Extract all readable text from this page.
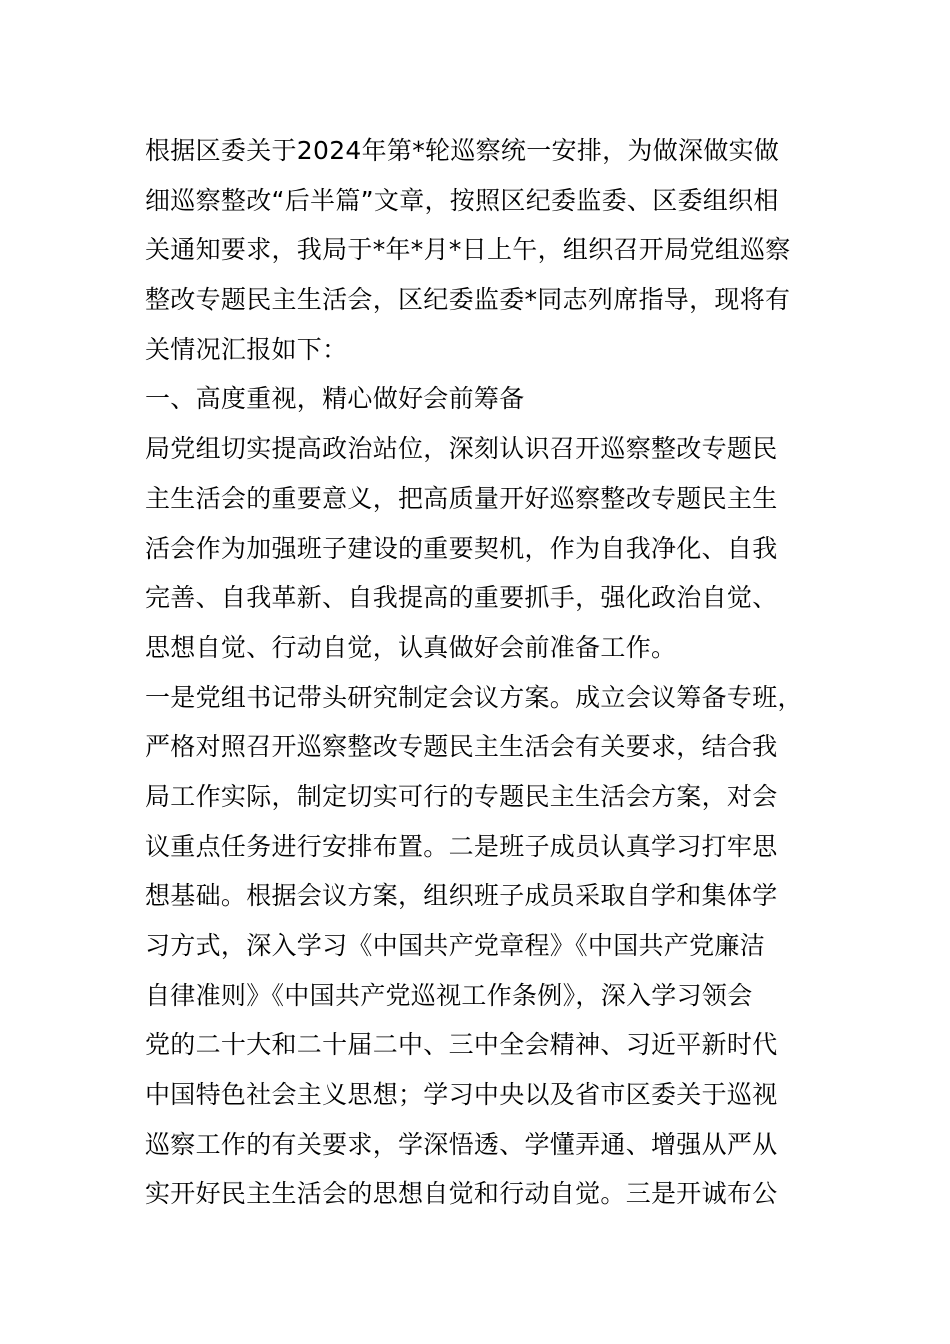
根据区委关于2024年第*轮巡察统一安排，为做深做实做
细巡察整改“后半篇”文章，按照区纪委监委、区委组织相
关通知要求，我局于*年*月*日上午，组织召开局党组巡察
整改专题民主生活会，区纪委监委*同志列席指导，现将有
关情况汇报如下：
一、高度重视，精心做好会前筹备
局党组切实提高政治站位，深刻认识召开巡察整改专题民
主生活会的重要意义，把高质量开好巡察整改专题民主生
活会作为加强班子建设的重要契机，作为自我净化、自我
完善、自我革新、自我提高的重要抓手，强化政治自觉、
思想自觉、行动自觉，认真做好会前准备工作。
一是党组书记带头研究制定会议方案。成立会议筹备专班，
严格对照召开巡察整改专题民主生活会有关要求，结合我
局工作实际，制定切实可行的专题民主生活会方案，对会
议重点任务进行安排布置。二是班子成员认真学习打牢思
想基础。根据会议方案，组织班子成员采取自学和集体学
习方式，深入学习《中国共产党章程》《中国共产党廉洁
自律准则》《中国共产党巡视工作条例》，深入学习领会
党的二十大和二十届二中、三中全会精神、习近平新时代
中国特色社会主义思想；学习中央以及省市区委关于巡视
巡察工作的有关要求，学深悟透、学懂弄通、增强从严从
实开好民主生活会的思想自觉和行动自觉。三是开诚布公
